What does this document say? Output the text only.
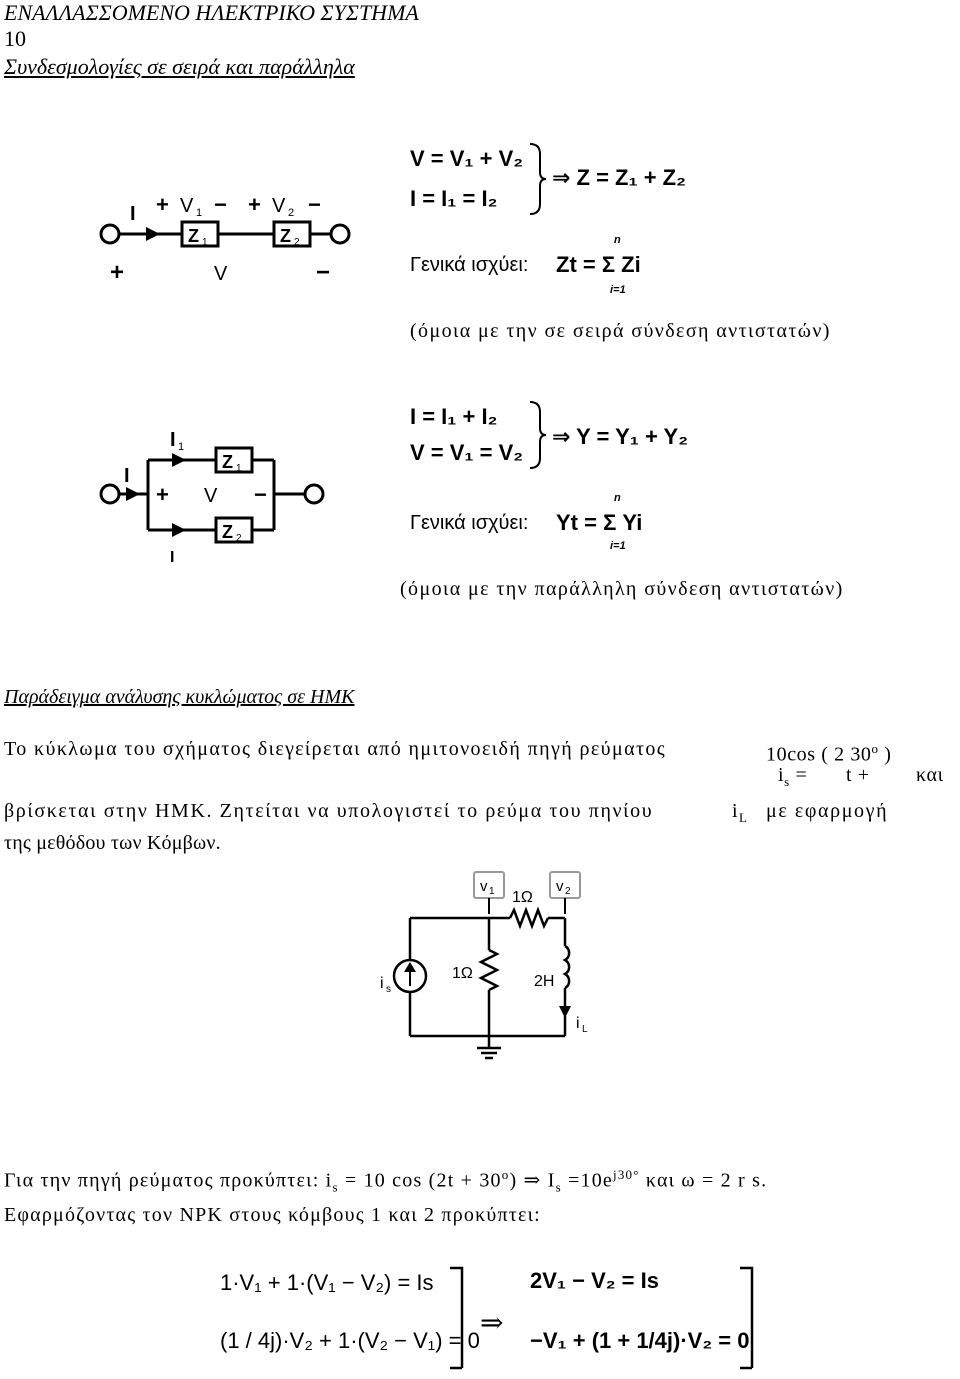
ΕΝΑΛΛΑΣΣΟΜΕΝΟ ΗΛΕΚΤΡΙΚΟ ΣΥΣΤΗΜΑ
10
Συνδεσμολογίες σε σειρά και παράλληλα
I + V 1 − + V 2 −
Z 1	Z 2
+	V	−
V = V₁ + V₂
I = I₁ = I₂
⇒ Z = Z₁ + Z₂
Γενικά ισχύει: Zt = Σ Zi
n
i=1
(όμοια με την σε σειρά σύνδεση αντιστατών)
I 1
I
+ V −
Z 1
Z 2
I
I = I₁ + I₂
V = V₁ = V₂
⇒ Y = Y₁ + Y₂
Γενικά ισχύει: Yt = Σ Yi
n
i=1
(όμοια με την παράλληλη σύνδεση αντιστατών)
Παράδειγμα ανάλυσης κυκλώματος σε ΗΜΚ
Το κύκλωμα του σχήματος διεγείρεται από ημιτονοειδή πηγή ρεύματος	10cos ( 2 30$^o$ )
$i_s = t + \kappa\alpha\iota$
βρίσκεται στην ΗΜΚ. Ζητείται να υπολογιστεί το ρεύμα του πηνίου	$i_L$ με εφαρμογή
της μεθόδου των Κόμβων.
v 1	v 2
1Ω
i s
1Ω	2H
i L
Για την πηγή ρεύματος προκύπτει: $i_s = 10$ $\cos (2t + 30^o)$ ⇒ $I_s =10e^{j30^\circ}$ και ω = 2 r s.
Εφαρμόζοντας τον ΝΡΚ στους κόμβους 1 και 2 προκύπτει:
1·V₁ + 1·(V₁ − V₂) = Is
(1 / 4j)·V₂ + 1·(V₂ − V₁) = 0
⇒
2V₁ − V₂ = Is
−V₁ + (1 + 1/4j)·V₂ = 0
